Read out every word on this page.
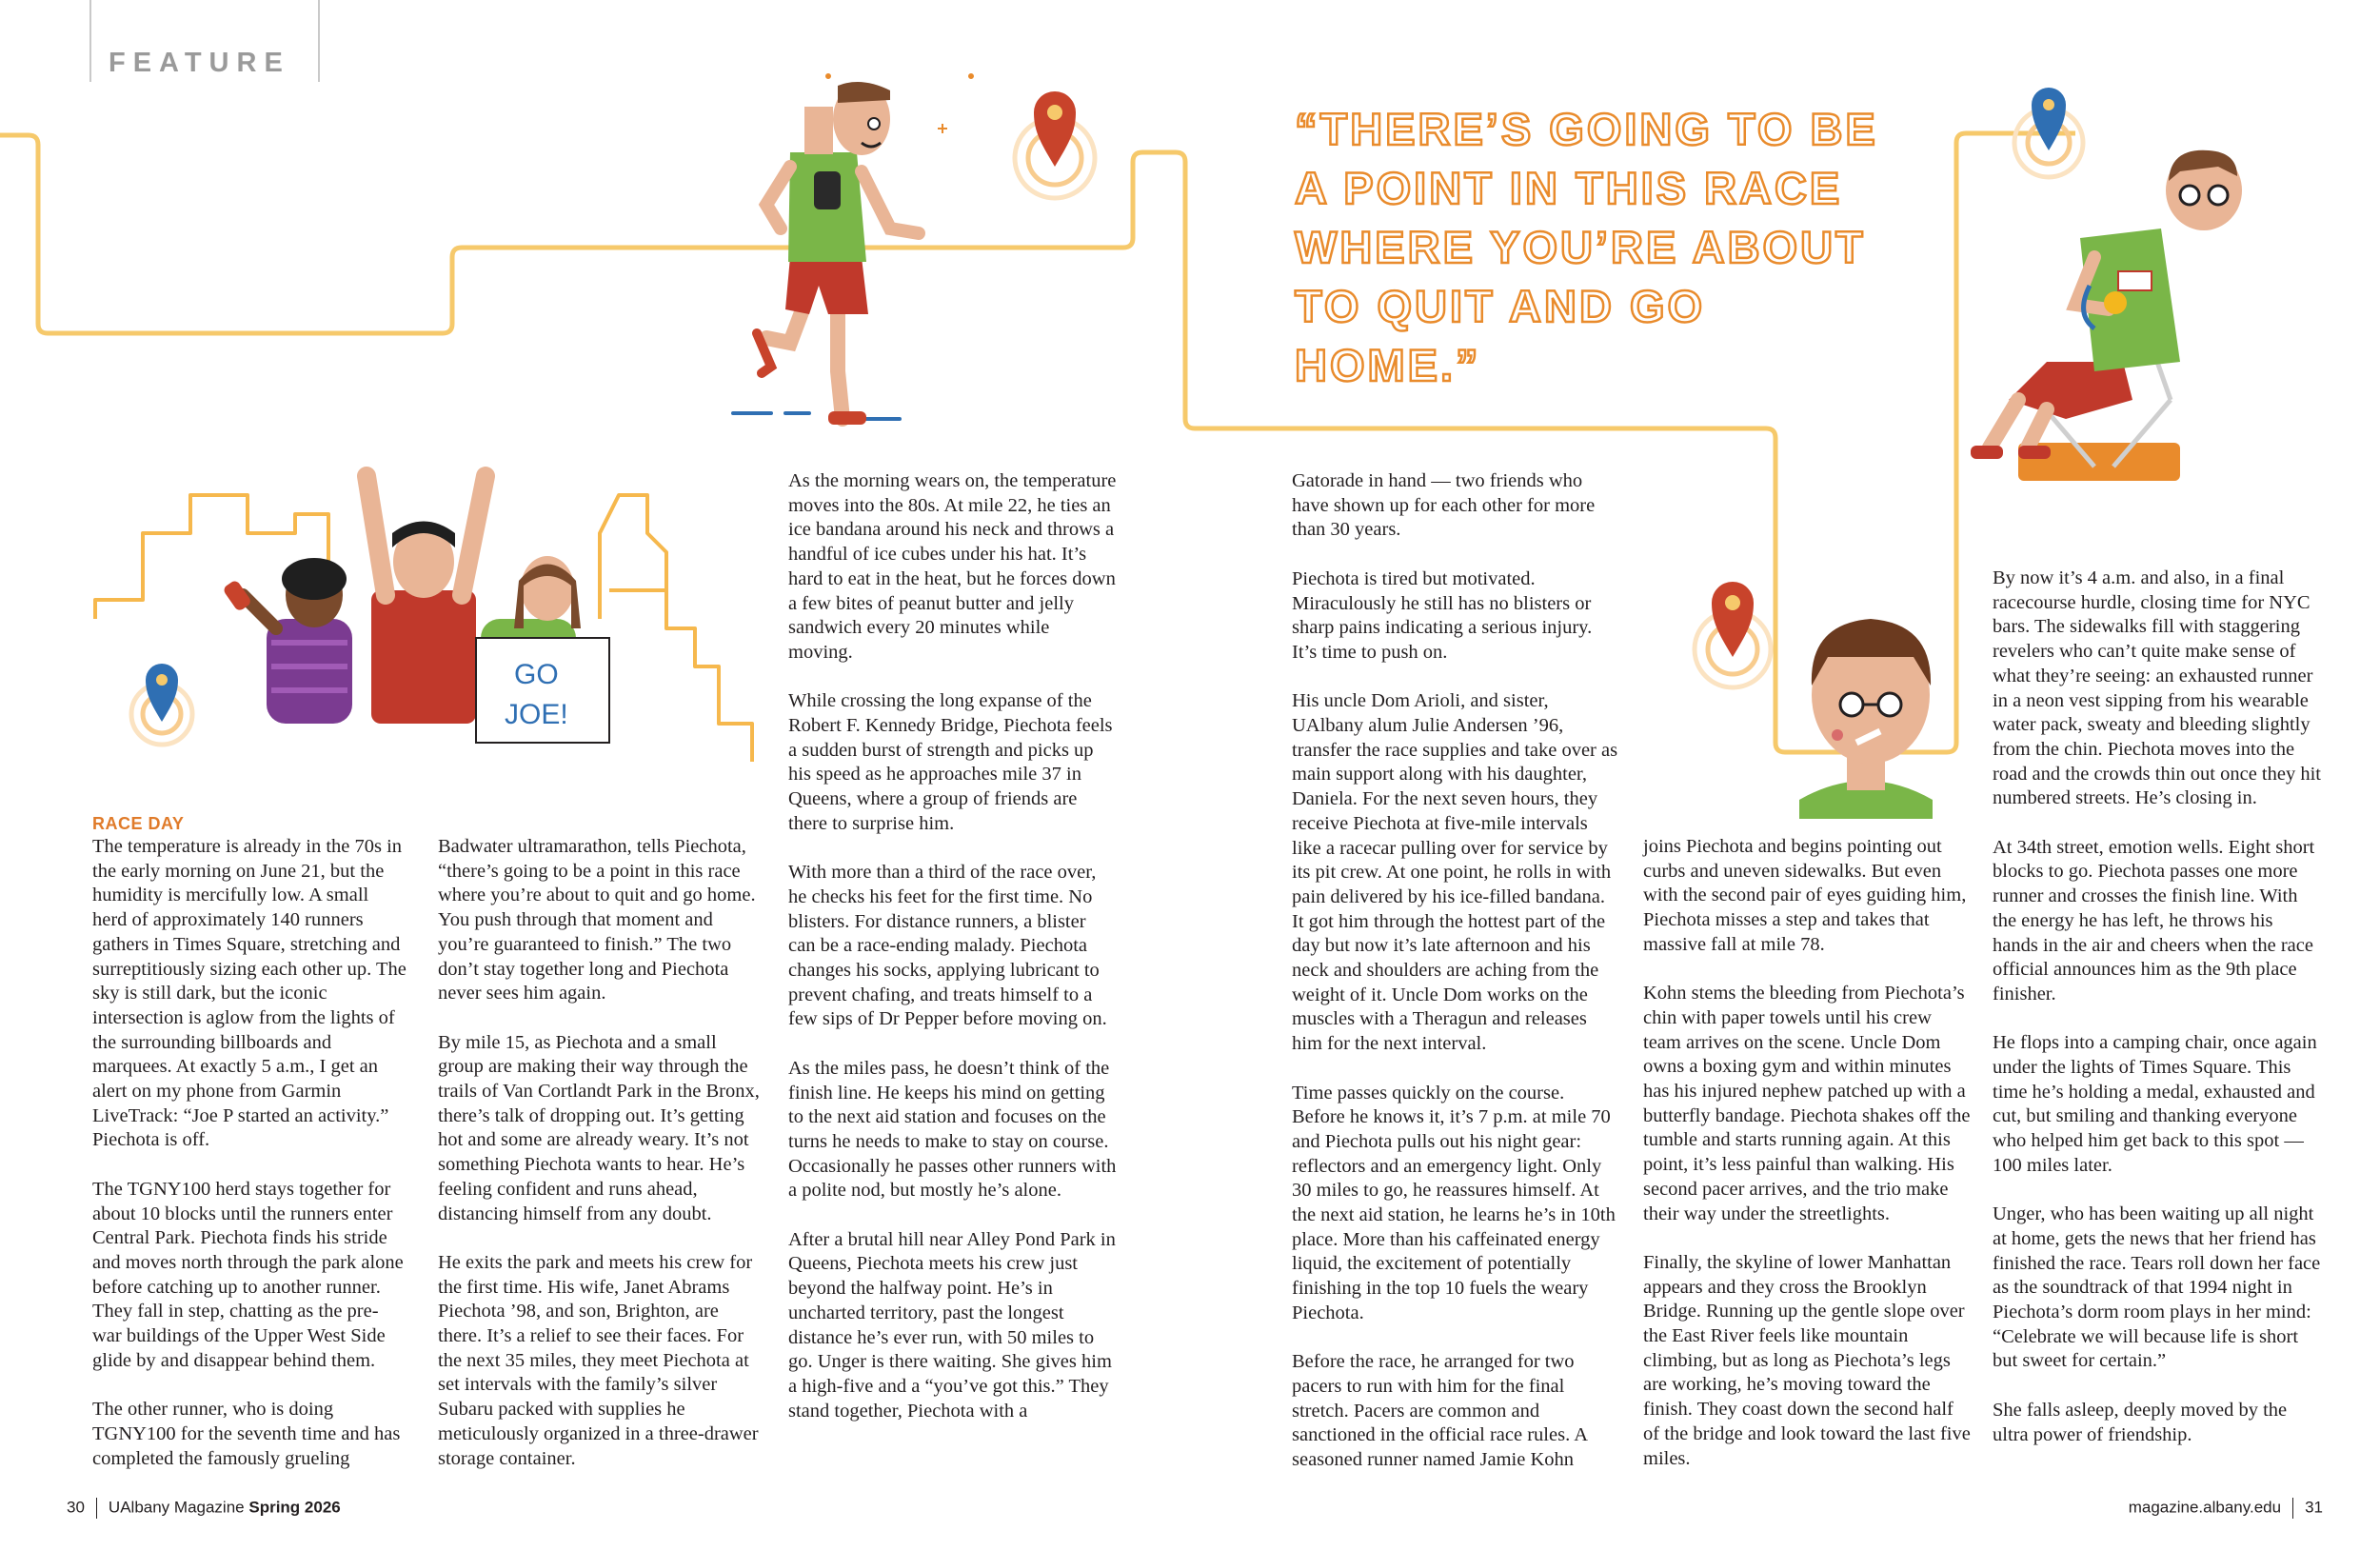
FEATURE
GO
JOE!
“THERE’S GOING TO BE A POINT IN THIS RACE WHERE YOU’RE ABOUT TO QUIT AND GO HOME.”
RACE DAY

The temperature is already in the 70s in the early morning on June 21, but the humidity is mercifully low. A small herd of approximately 140 runners gathers in Times Square, stretching and surreptitiously sizing each other up. The sky is still dark, but the iconic intersection is aglow from the lights of the surrounding billboards and marquees. At exactly 5 a.m., I get an alert on my phone from Garmin LiveTrack: “Joe P started an activity.” Piechota is off.

The TGNY100 herd stays together for about 10 blocks until the runners enter Central Park. Piechota finds his stride and moves north through the park alone before catching up to another runner. They fall in step, chatting as the pre-war buildings of the Upper West Side glide by and disappear behind them.

The other runner, who is doing TGNY100 for the seventh time and has completed the famously grueling

Badwater ultramarathon, tells Piechota, “there’s going to be a point in this race where you’re about to quit and go home. You push through that moment and you’re guaranteed to finish.” The two don’t stay together long and Piechota never sees him again.

By mile 15, as Piechota and a small group are making their way through the trails of Van Cortlandt Park in the Bronx, there’s talk of dropping out. It’s getting hot and some are already weary. It’s not something Piechota wants to hear. He’s feeling confident and runs ahead, distancing himself from any doubt.

He exits the park and meets his crew for the first time. His wife, Janet Abrams Piechota ’98, and son, Brighton, are there. It’s a relief to see their faces. For the next 35 miles, they meet Piechota at set intervals with the family’s silver Subaru packed with supplies he meticulously organized in a three-drawer storage container.

As the morning wears on, the temperature moves into the 80s. At mile 22, he ties an ice bandana around his neck and throws a handful of ice cubes under his hat. It’s hard to eat in the heat, but he forces down a few bites of peanut butter and jelly sandwich every 20 minutes while moving.

While crossing the long expanse of the Robert F. Kennedy Bridge, Piechota feels a sudden burst of strength and picks up his speed as he approaches mile 37 in Queens, where a group of friends are there to surprise him.

With more than a third of the race over, he checks his feet for the first time. No blisters. For distance runners, a blister can be a race-ending malady. Piechota changes his socks, applying lubricant to prevent chafing, and treats himself to a few sips of Dr Pepper before moving on.

As the miles pass, he doesn’t think of the finish line. He keeps his mind on getting to the next aid station and focuses on the turns he needs to make to stay on course. Occasionally he passes other runners with a polite nod, but mostly he’s alone.

After a brutal hill near Alley Pond Park in Queens, Piechota meets his crew just beyond the halfway point. He’s in uncharted territory, past the longest distance he’s ever run, with 50 miles to go. Unger is there waiting. She gives him a high-five and a “you’ve got this.” They stand together, Piechota with a

Gatorade in hand — two friends who have shown up for each other for more than 30 years.

Piechota is tired but motivated. Miraculously he still has no blisters or sharp pains indicating a serious injury. It’s time to push on.

His uncle Dom Arioli, and sister, UAlbany alum Julie Andersen ’96, transfer the race supplies and take over as main support along with his daughter, Daniela. For the next seven hours, they receive Piechota at five-mile intervals like a racecar pulling over for service by its pit crew. At one point, he rolls in with pain delivered by his ice-filled bandana. It got him through the hottest part of the day but now it’s late afternoon and his neck and shoulders are aching from the weight of it. Uncle Dom works on the muscles with a Theragun and releases him for the next interval.

Time passes quickly on the course. Before he knows it, it’s 7 p.m. at mile 70 and Piechota pulls out his night gear: reflectors and an emergency light. Only 30 miles to go, he reassures himself. At the next aid station, he learns he’s in 10th place. More than his caffeinated energy liquid, the excitement of potentially finishing in the top 10 fuels the weary Piechota.

Before the race, he arranged for two pacers to run with him for the final stretch. Pacers are common and sanctioned in the official race rules. A seasoned runner named Jamie Kohn

joins Piechota and begins pointing out curbs and uneven sidewalks. But even with the second pair of eyes guiding him, Piechota misses a step and takes that massive fall at mile 78.

Kohn stems the bleeding from Piechota’s chin with paper towels until his crew team arrives on the scene. Uncle Dom owns a boxing gym and within minutes has his injured nephew patched up with a butterfly bandage. Piechota shakes off the tumble and starts running again. At this point, it’s less painful than walking. His second pacer arrives, and the trio make their way under the streetlights.

Finally, the skyline of lower Manhattan appears and they cross the Brooklyn Bridge. Running up the gentle slope over the East River feels like mountain climbing, but as long as Piechota’s legs are working, he’s moving toward the finish. They coast down the second half of the bridge and look toward the last five miles.

By now it’s 4 a.m. and also, in a final racecourse hurdle, closing time for NYC bars. The sidewalks fill with staggering revelers who can’t quite make sense of what they’re seeing: an exhausted runner in a neon vest sipping from his wearable water pack, sweaty and bleeding slightly from the chin. Piechota moves into the road and the crowds thin out once they hit numbered streets. He’s closing in.

At 34th street, emotion wells. Eight short blocks to go. Piechota passes one more runner and crosses the finish line. With the energy he has left, he throws his hands in the air and cheers when the race official announces him as the 9th place finisher.

He flops into a camping chair, once again under the lights of Times Square. This time he’s holding a medal, exhausted and cut, but smiling and thanking everyone who helped him get back to this spot — 100 miles later.

Unger, who has been waiting up all night at home, gets the news that her friend has finished the race. Tears roll down her face as the soundtrack of that 1994 night in Piechota’s dorm room plays in her mind: “Celebrate we will because life is short but sweet for certain.”

She falls asleep, deeply moved by the ultra power of friendship.

30 UAlbany Magazine Spring 2026	magazine.albany.edu 31
